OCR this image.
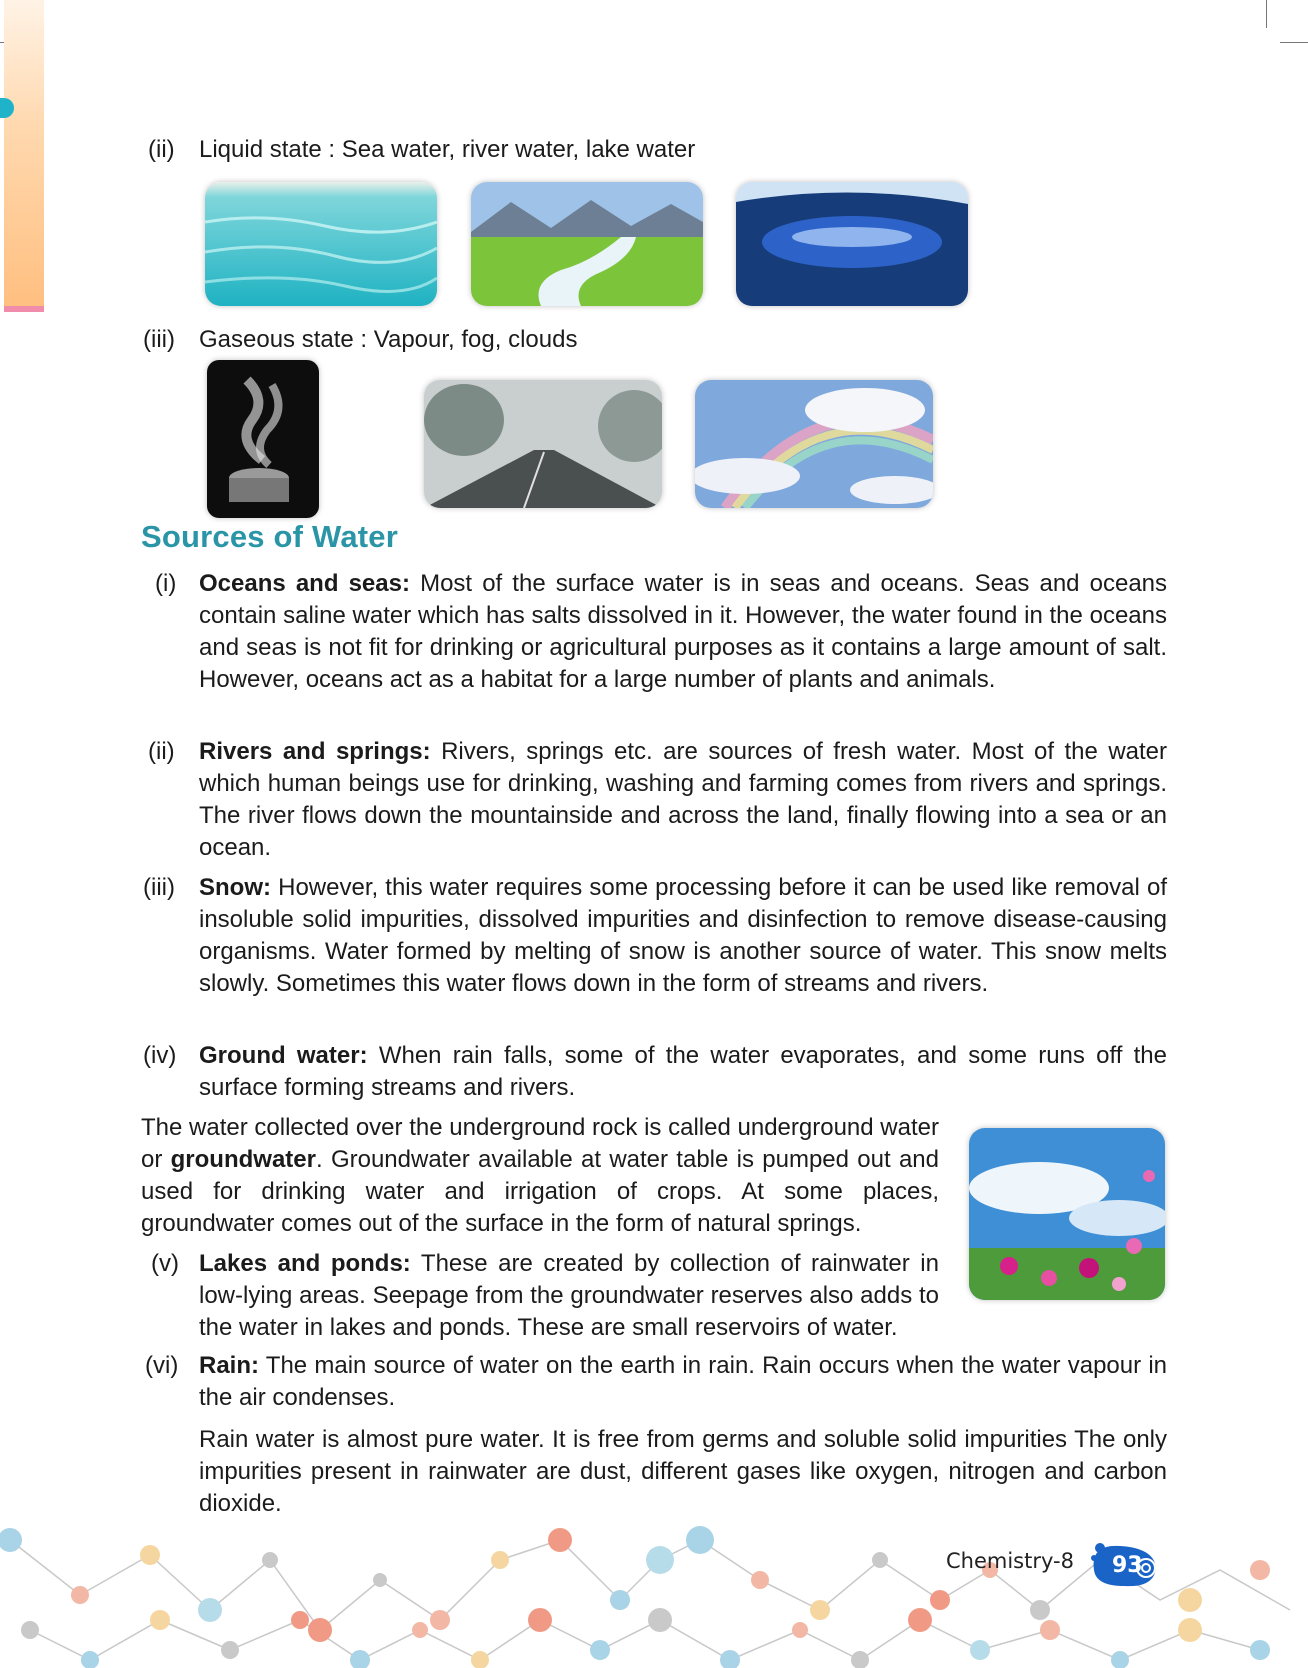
(ii) Liquid state : Sea water, river water, lake water
(iii) Gaseous state : Vapour, fog, clouds
Sources of Water
(i) Oceans and seas: Most of the surface water is in seas and oceans. Seas and oceans contain saline water which has salts dissolved in it. However, the water found in the oceans and seas is not fit for drinking or agricultural purposes as it contains a large amount of salt. However, oceans act as a habitat for a large number of plants and animals.

(ii) Rivers and springs: Rivers, springs etc. are sources of fresh water. Most of the water which human beings use for drinking, washing and farming comes from rivers and springs. The river flows down the mountainside and across the land, finally flowing into a sea or an ocean.

(iii) Snow: However, this water requires some processing before it can be used like removal of insoluble solid impurities, dissolved impurities and disinfection to remove disease-causing organisms. Water formed by melting of snow is another source of water. This snow melts slowly. Sometimes this water flows down in the form of streams and rivers.

(iv) Ground water: When rain falls, some of the water evaporates, and some runs off the surface forming streams and rivers.

The water collected over the underground rock is called underground water or groundwater. Groundwater available at water table is pumped out and used for drinking water and irrigation of crops. At some places, groundwater comes out of the surface in the form of natural springs.

(v) Lakes and ponds: These are created by collection of rainwater in low-lying areas. Seepage from the groundwater reserves also adds to the water in lakes and ponds. These are small reservoirs of water.

(vi) Rain: The main source of water on the earth in rain. Rain occurs when the water vapour in the air condenses.

Rain water is almost pure water. It is free from germs and soluble solid impurities The only impurities present in rainwater are dust, different gases like oxygen, nitrogen and carbon dioxide.

Chemistry-8 93
